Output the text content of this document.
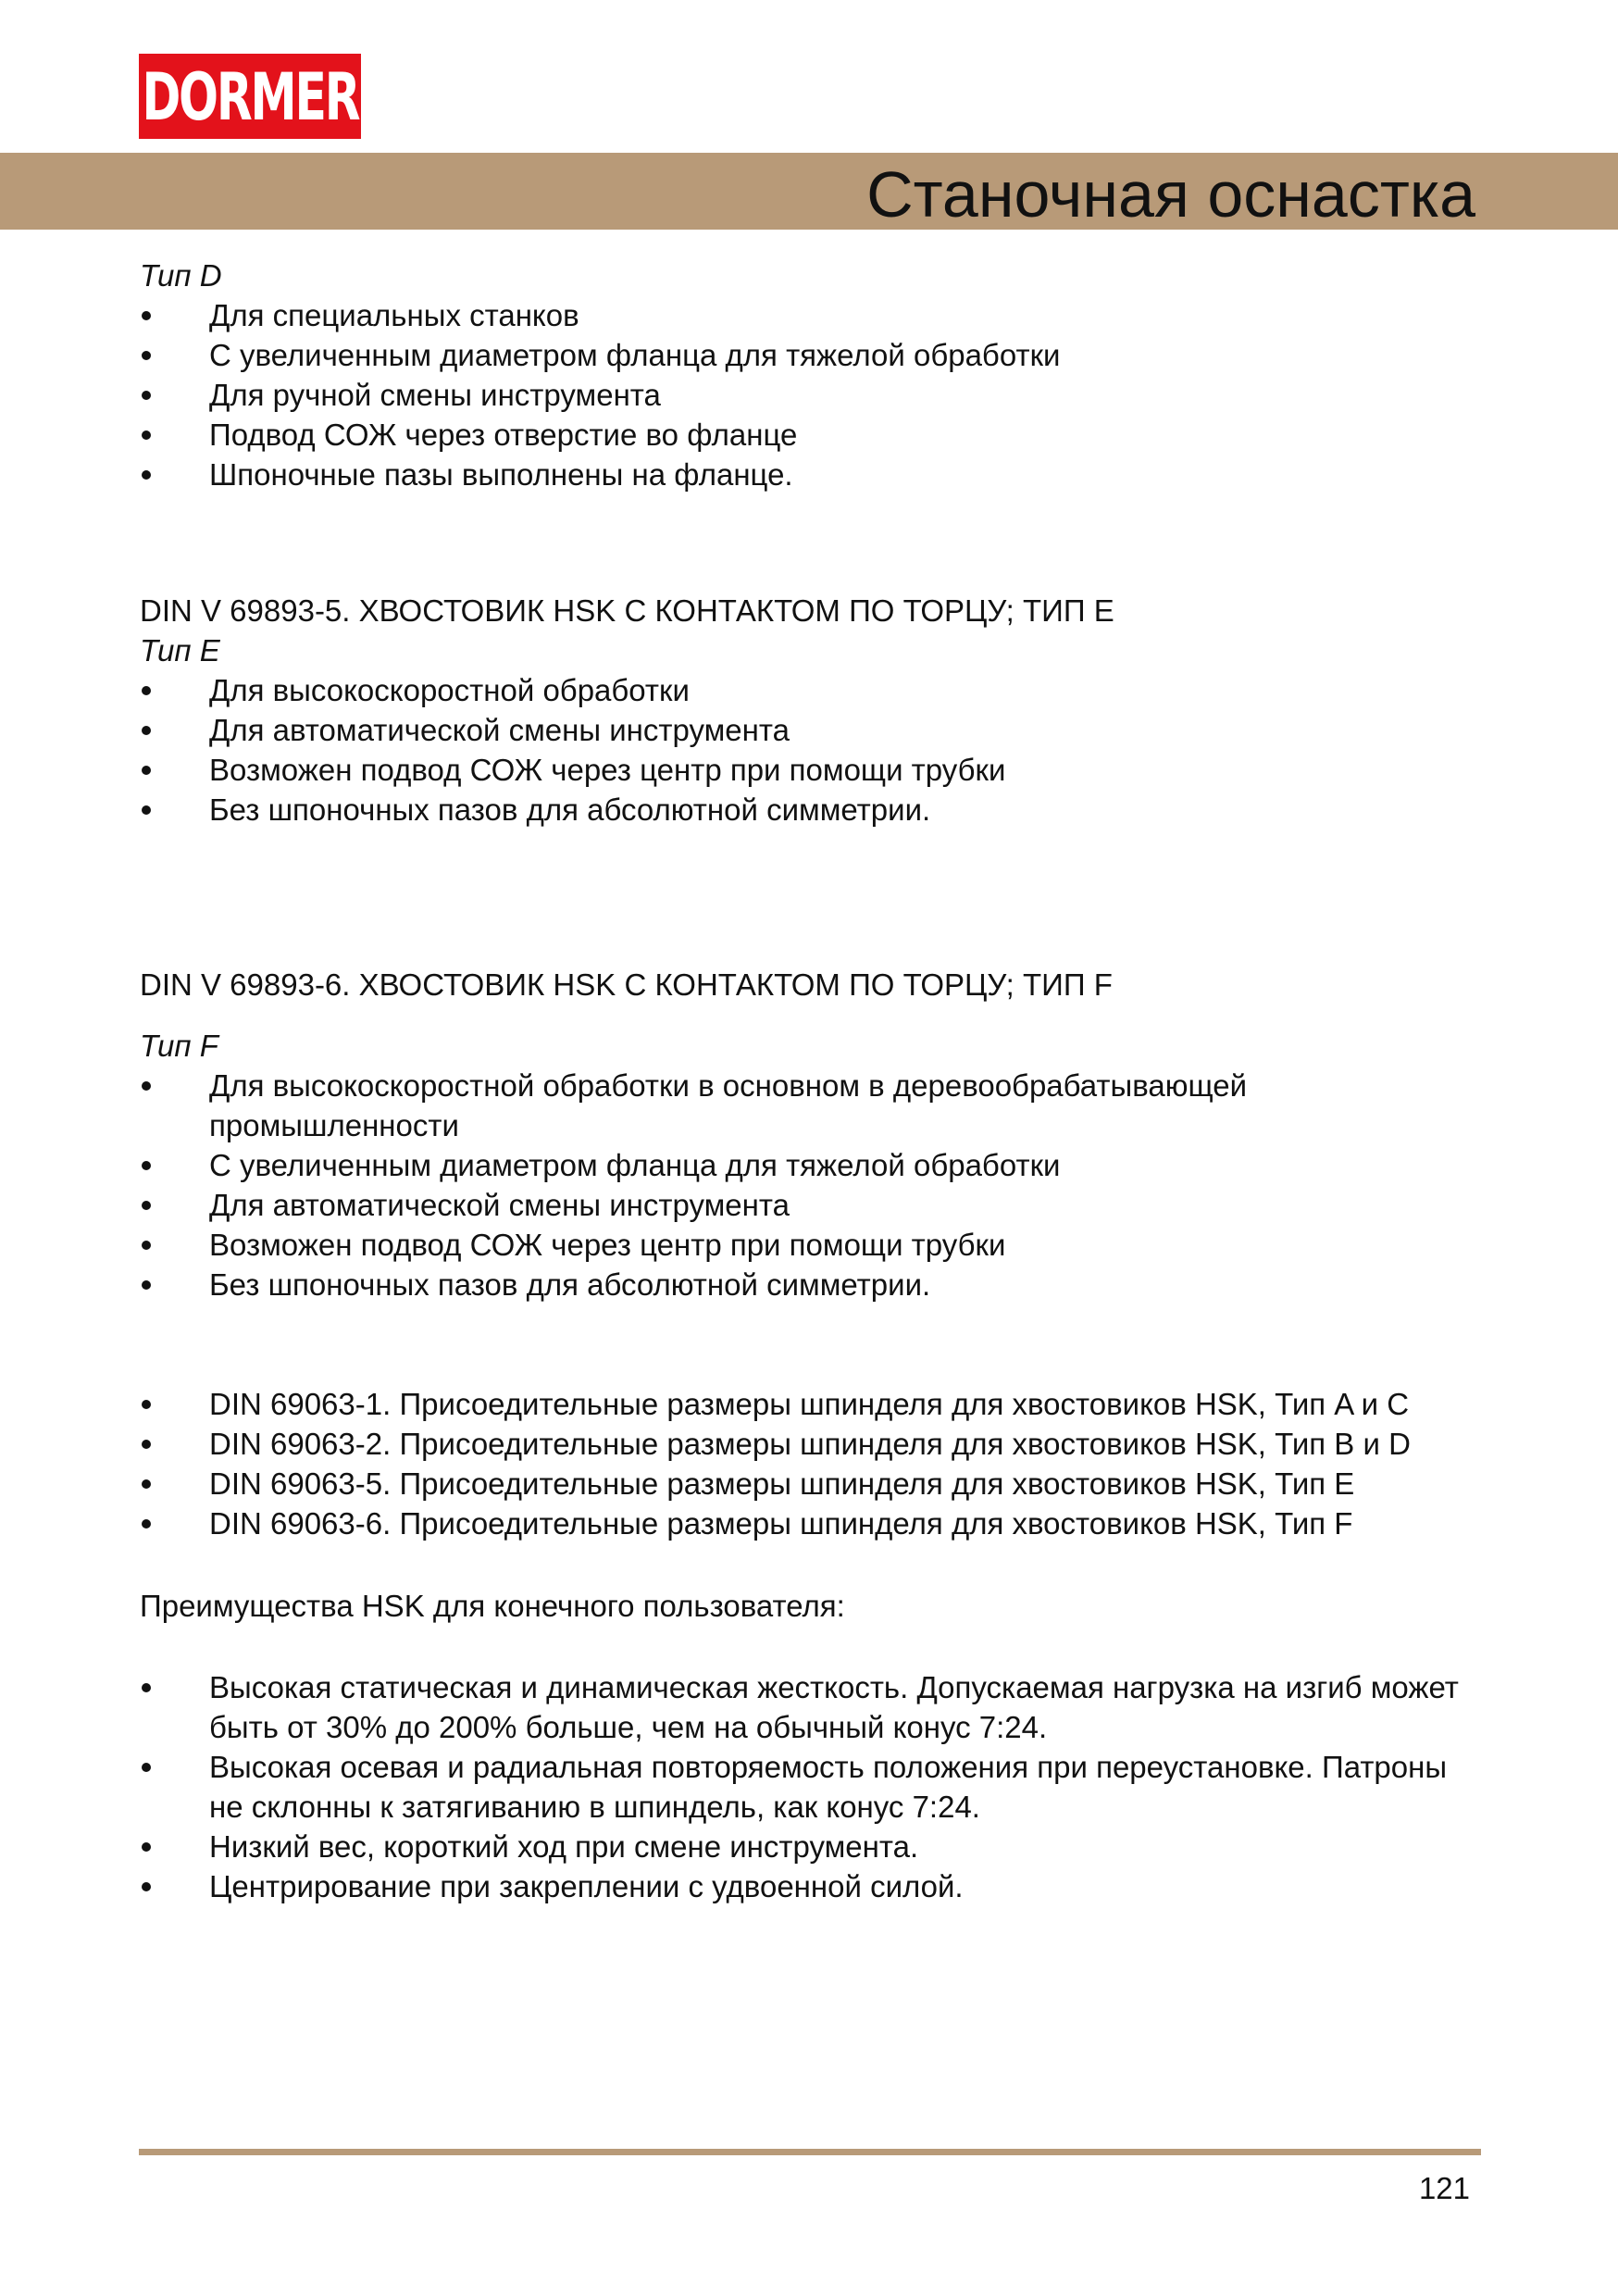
DORMER
Станочная оснастка

Тип D

Для специальных станков
С увеличенным диаметром фланца для тяжелой обработки
Для ручной смены инструмента
Подвод СОЖ через отверстие во фланце
Шпоночные пазы выполнены на фланце.

DIN V 69893-5. ХВОСТОВИК HSK С КОНТАКТОМ ПО ТОРЦУ; ТИП E

Тип E

Для высокоскоростной обработки
Для автоматической смены инструмента
Возможен подвод СОЖ через центр при помощи трубки
Без шпоночных пазов для абсолютной симметрии.

DIN V 69893-6. ХВОСТОВИК HSK С КОНТАКТОМ ПО ТОРЦУ; ТИП F

Тип F

Для высокоскоростной обработки в основном в деревообрабатывающей промышленности
С увеличенным диаметром фланца для тяжелой обработки
Для автоматической смены инструмента
Возможен подвод СОЖ через центр при помощи трубки
Без шпоночных пазов для абсолютной симметрии.
DIN 69063-1. Присоедительные размеры шпинделя для хвостовиков HSK, Тип A и C
DIN 69063-2. Присоедительные размеры шпинделя для хвостовиков HSK, Тип B и D
DIN 69063-5. Присоедительные размеры шпинделя для хвостовиков HSK, Тип E
DIN 69063-6. Присоедительные размеры шпинделя для хвостовиков HSK, Тип F

Преимущества HSK для конечного пользователя:

Высокая статическая и динамическая жесткость. Допускаемая нагрузка на изгиб может быть от 30% до 200% больше, чем на обычный конус 7:24.
Высокая осевая и радиальная повторяемость положения при переустановке. Патроны не склонны к затягиванию в шпиндель, как конус 7:24.
Низкий вес, короткий ход при смене инструмента.
Центрирование при закреплении с удвоенной силой.
121
